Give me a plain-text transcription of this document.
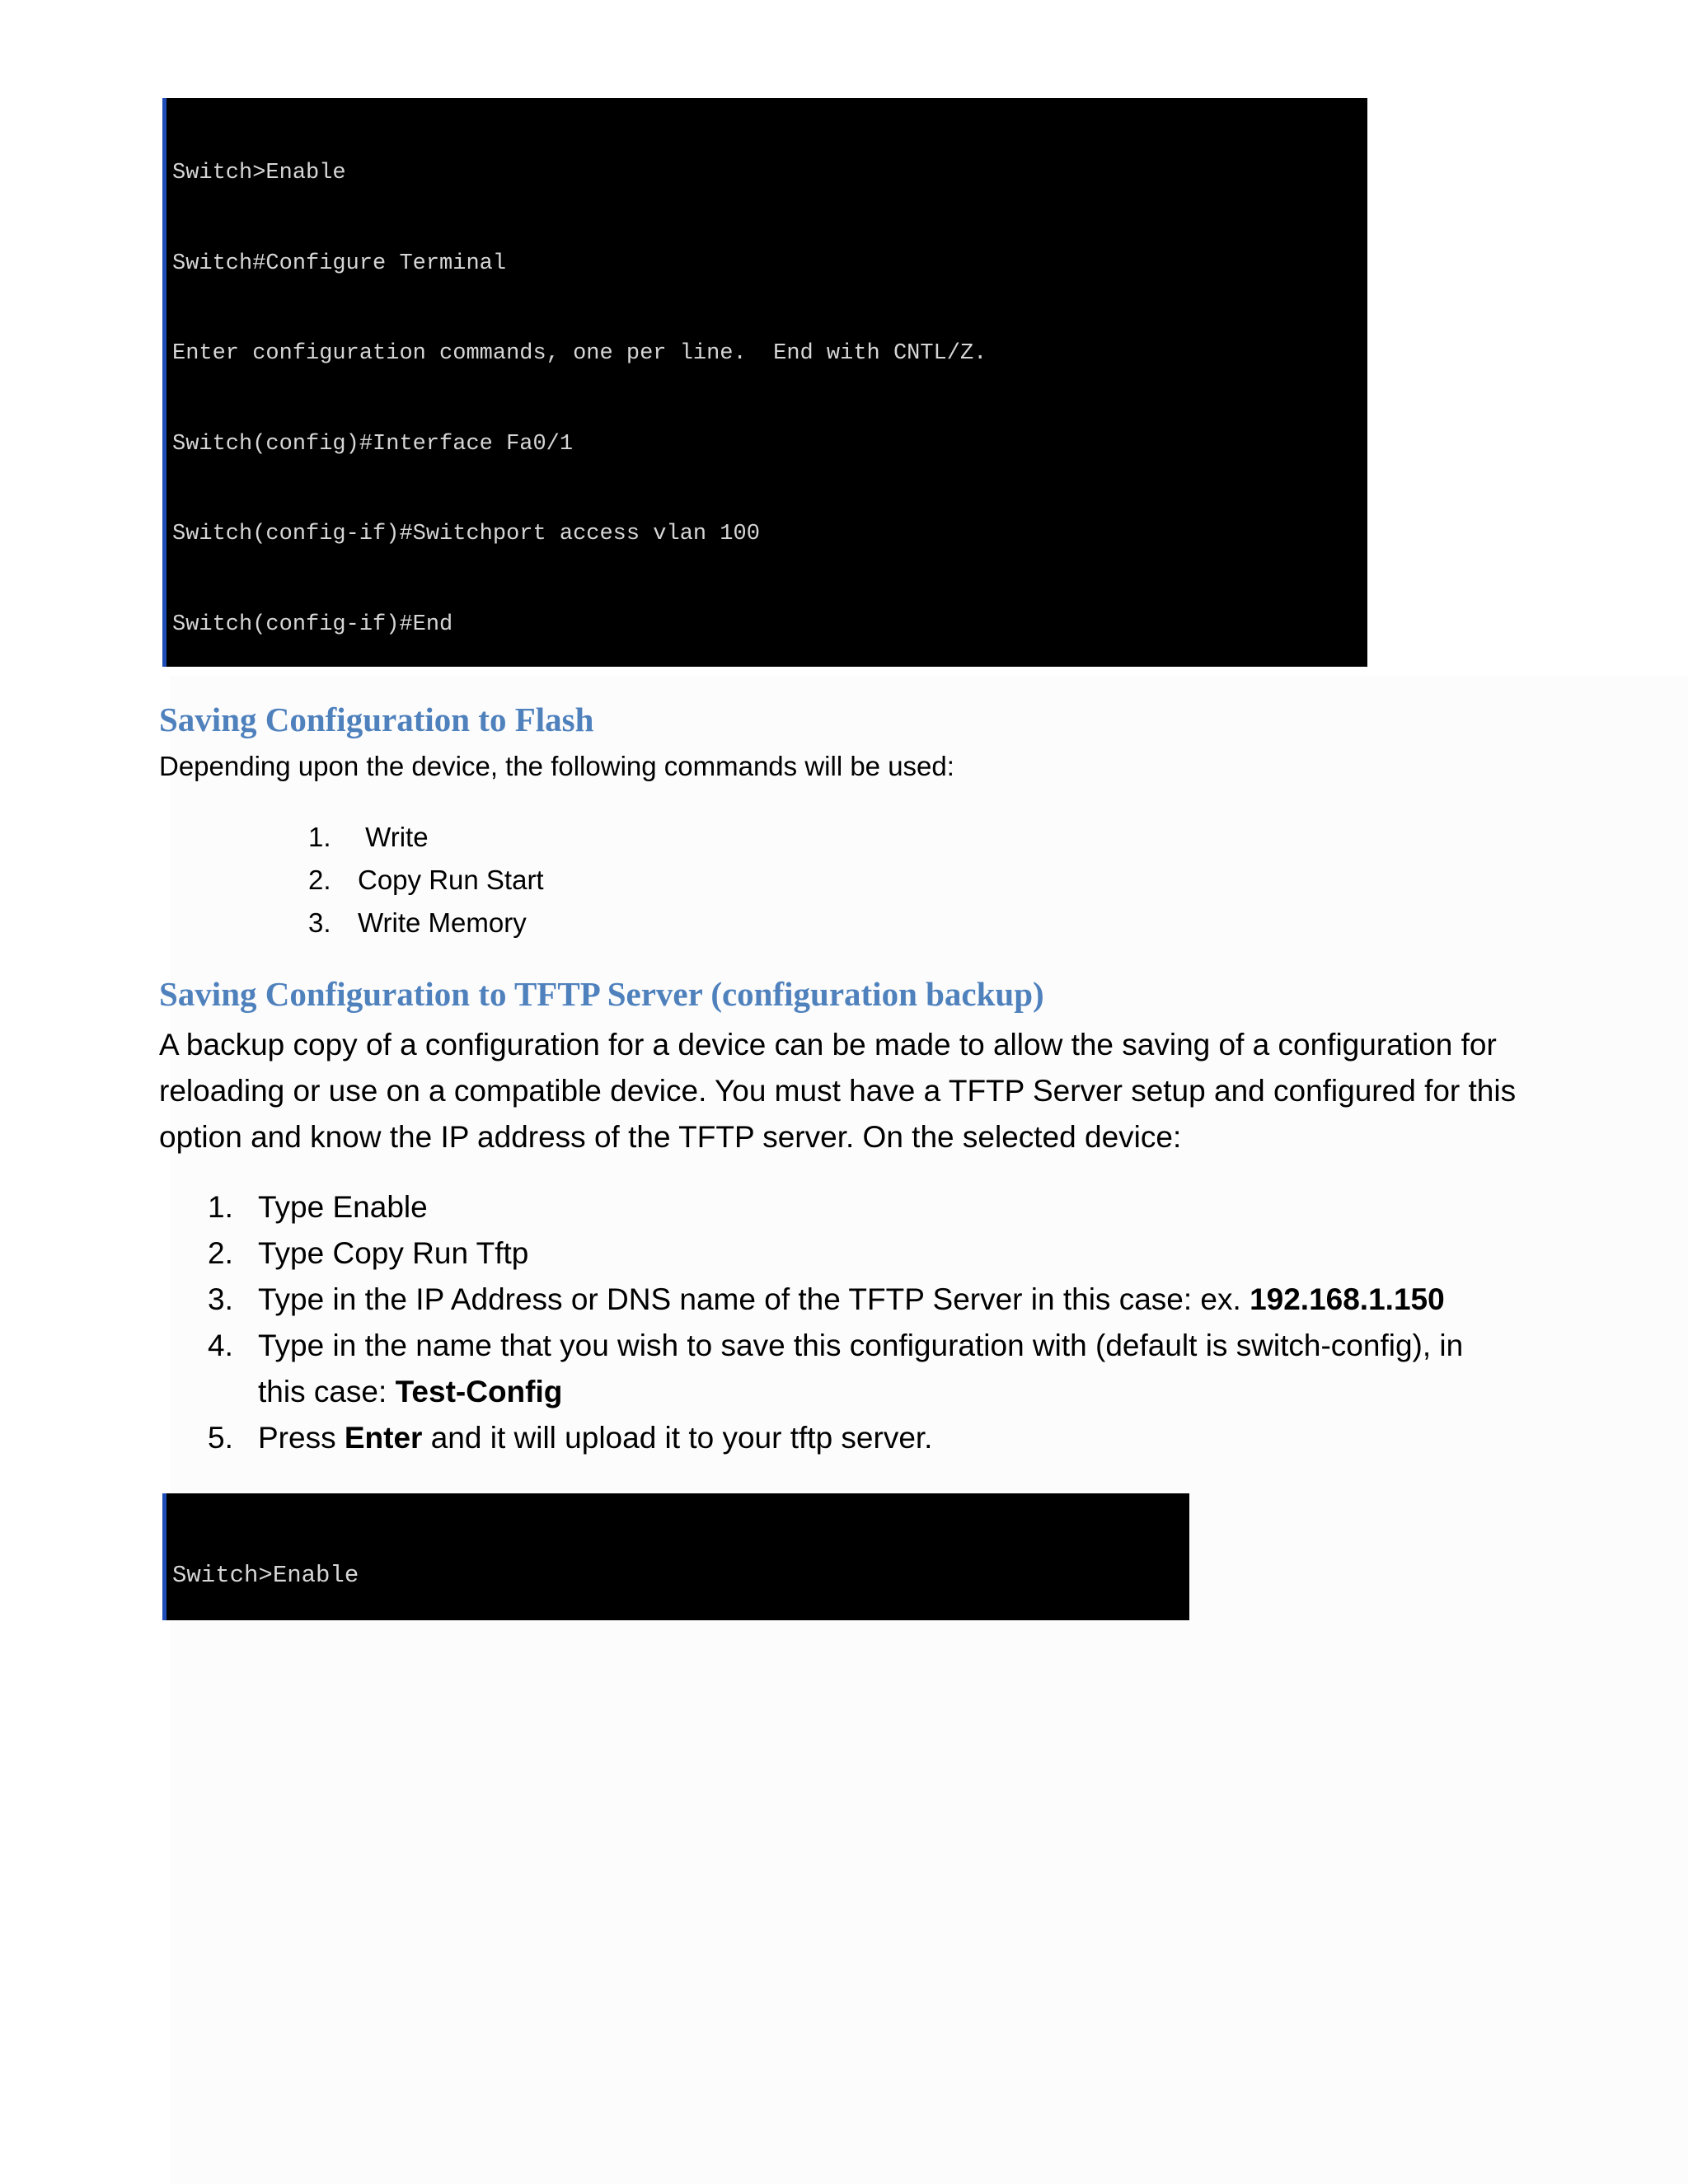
Switch>Enable

Switch#Configure Terminal

Enter configuration commands, one per line.  End with CNTL/Z.

Switch(config)#Interface Fa0/1

Switch(config-if)#Switchport access vlan 100

Switch(config-if)#End

Saving Configuration to Flash

Depending upon the device, the following commands will be used:

1. Write
2. Copy Run Start
3. Write Memory
Saving Configuration to TFTP Server (configuration backup)

A backup copy of a configuration for a device can be made to allow the saving of a configuration for reloading or use on a compatible device. You must have a TFTP Server setup and configured for this option and know the IP address of the TFTP server. On the selected device:

1. Type Enable
2. Type Copy Run Tftp
3. Type in the IP Address or DNS name of the TFTP Server in this case: ex. 192.168.1.150
4. Type in the name that you wish to save this configuration with (default is switch-config), in this case: Test-Config
5. Press Enter and it will upload it to your tftp server.

Switch>Enable
